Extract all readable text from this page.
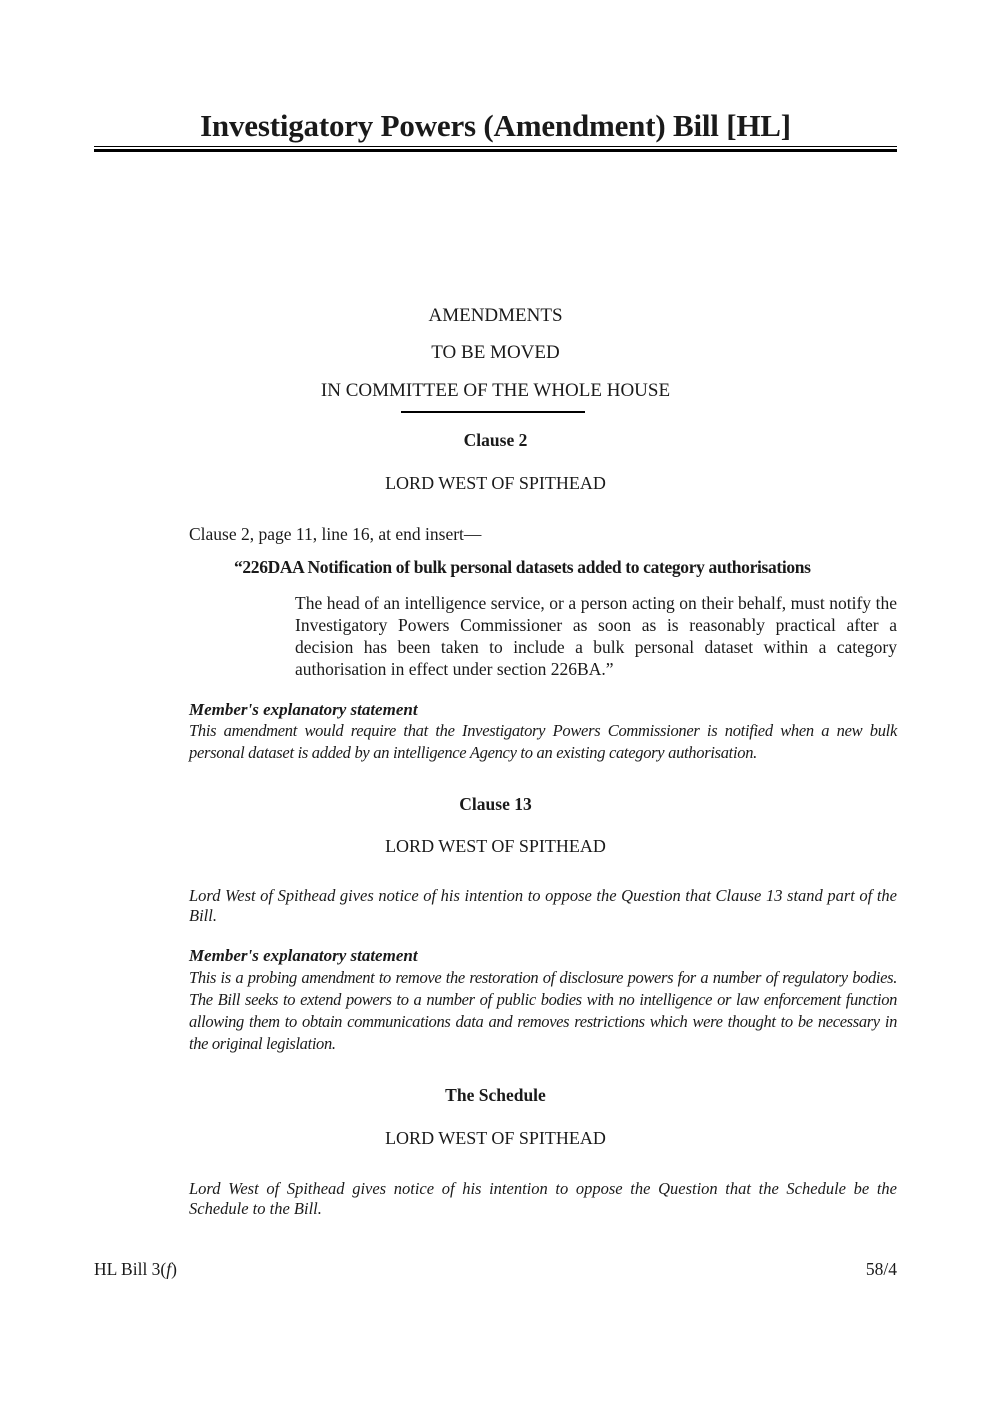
Investigatory Powers (Amendment) Bill [HL]
AMENDMENTS
TO BE MOVED
IN COMMITTEE OF THE WHOLE HOUSE
Clause 2
LORD WEST OF SPITHEAD
Clause 2, page 11, line 16, at end insert—
“226DAA Notification of bulk personal datasets added to category authorisations
The head of an intelligence service, or a person acting on their behalf, must notify the Investigatory Powers Commissioner as soon as is reasonably practical after a decision has been taken to include a bulk personal dataset within a category authorisation in effect under section 226BA.”
Member's explanatory statement
This amendment would require that the Investigatory Powers Commissioner is notified when a new bulk personal dataset is added by an intelligence Agency to an existing category authorisation.
Clause 13
LORD WEST OF SPITHEAD
Lord West of Spithead gives notice of his intention to oppose the Question that Clause 13 stand part of the Bill.
Member's explanatory statement
This is a probing amendment to remove the restoration of disclosure powers for a number of regulatory bodies. The Bill seeks to extend powers to a number of public bodies with no intelligence or law enforcement function allowing them to obtain communications data and removes restrictions which were thought to be necessary in the original legislation.
The Schedule
LORD WEST OF SPITHEAD
Lord West of Spithead gives notice of his intention to oppose the Question that the Schedule be the Schedule to the Bill.
HL Bill 3(f)	58/4
